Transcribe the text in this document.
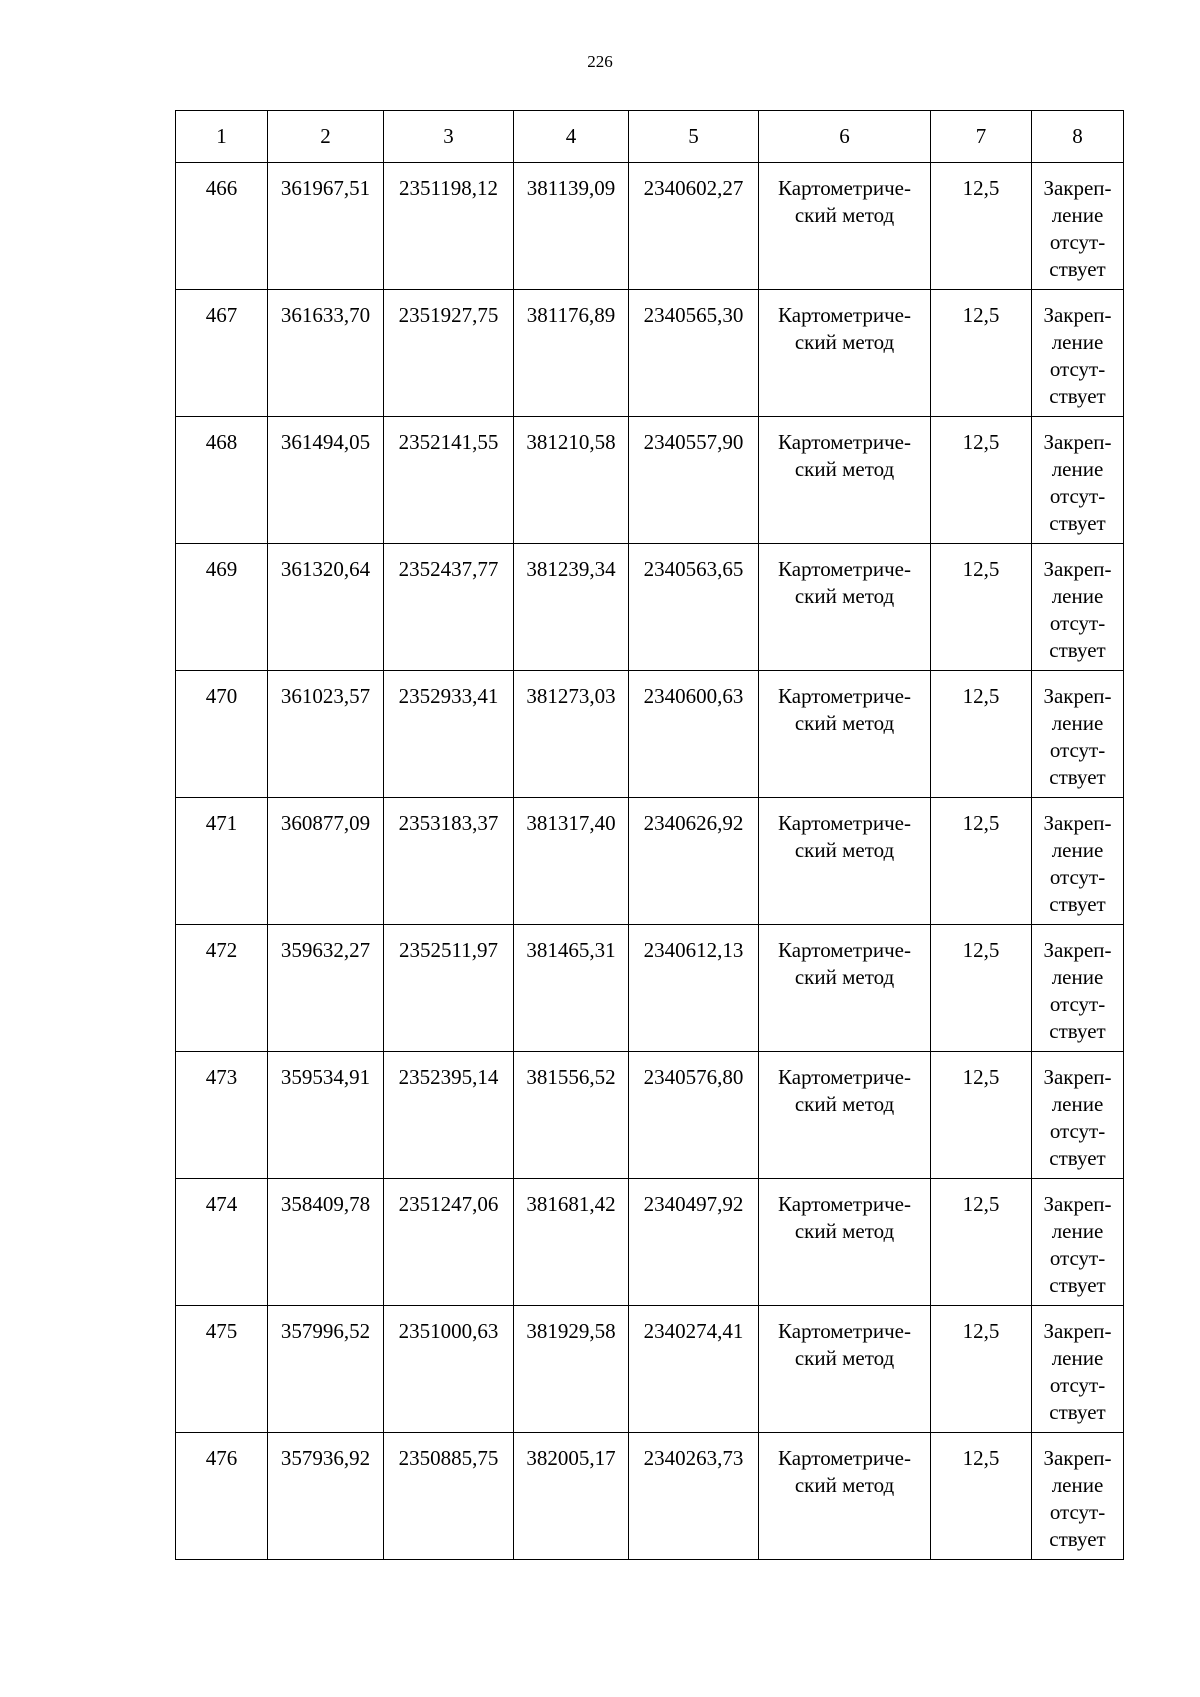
226
1	2	3	4	5	6	7	8
466	361967,51	2351198,12	381139,09	2340602,27	Картометриче-
ский метод	12,5	Закреп-
ление
отсут-
ствует

467	361633,70	2351927,75	381176,89	2340565,30	Картометриче-
ский метод	12,5	Закреп-
ление
отсут-
ствует

468	361494,05	2352141,55	381210,58	2340557,90	Картометриче-
ский метод	12,5	Закреп-
ление
отсут-
ствует

469	361320,64	2352437,77	381239,34	2340563,65	Картометриче-
ский метод	12,5	Закреп-
ление
отсут-
ствует

470	361023,57	2352933,41	381273,03	2340600,63	Картометриче-
ский метод	12,5	Закреп-
ление
отсут-
ствует

471	360877,09	2353183,37	381317,40	2340626,92	Картометриче-
ский метод	12,5	Закреп-
ление
отсут-
ствует

472	359632,27	2352511,97	381465,31	2340612,13	Картометриче-
ский метод	12,5	Закреп-
ление
отсут-
ствует

473	359534,91	2352395,14	381556,52	2340576,80	Картометриче-
ский метод	12,5	Закреп-
ление
отсут-
ствует

474	358409,78	2351247,06	381681,42	2340497,92	Картометриче-
ский метод	12,5	Закреп-
ление
отсут-
ствует

475	357996,52	2351000,63	381929,58	2340274,41	Картометриче-
ский метод	12,5	Закреп-
ление
отсут-
ствует

476	357936,92	2350885,75	382005,17	2340263,73	Картометриче-
ский метод	12,5	Закреп-
ление
отсут-
ствует
